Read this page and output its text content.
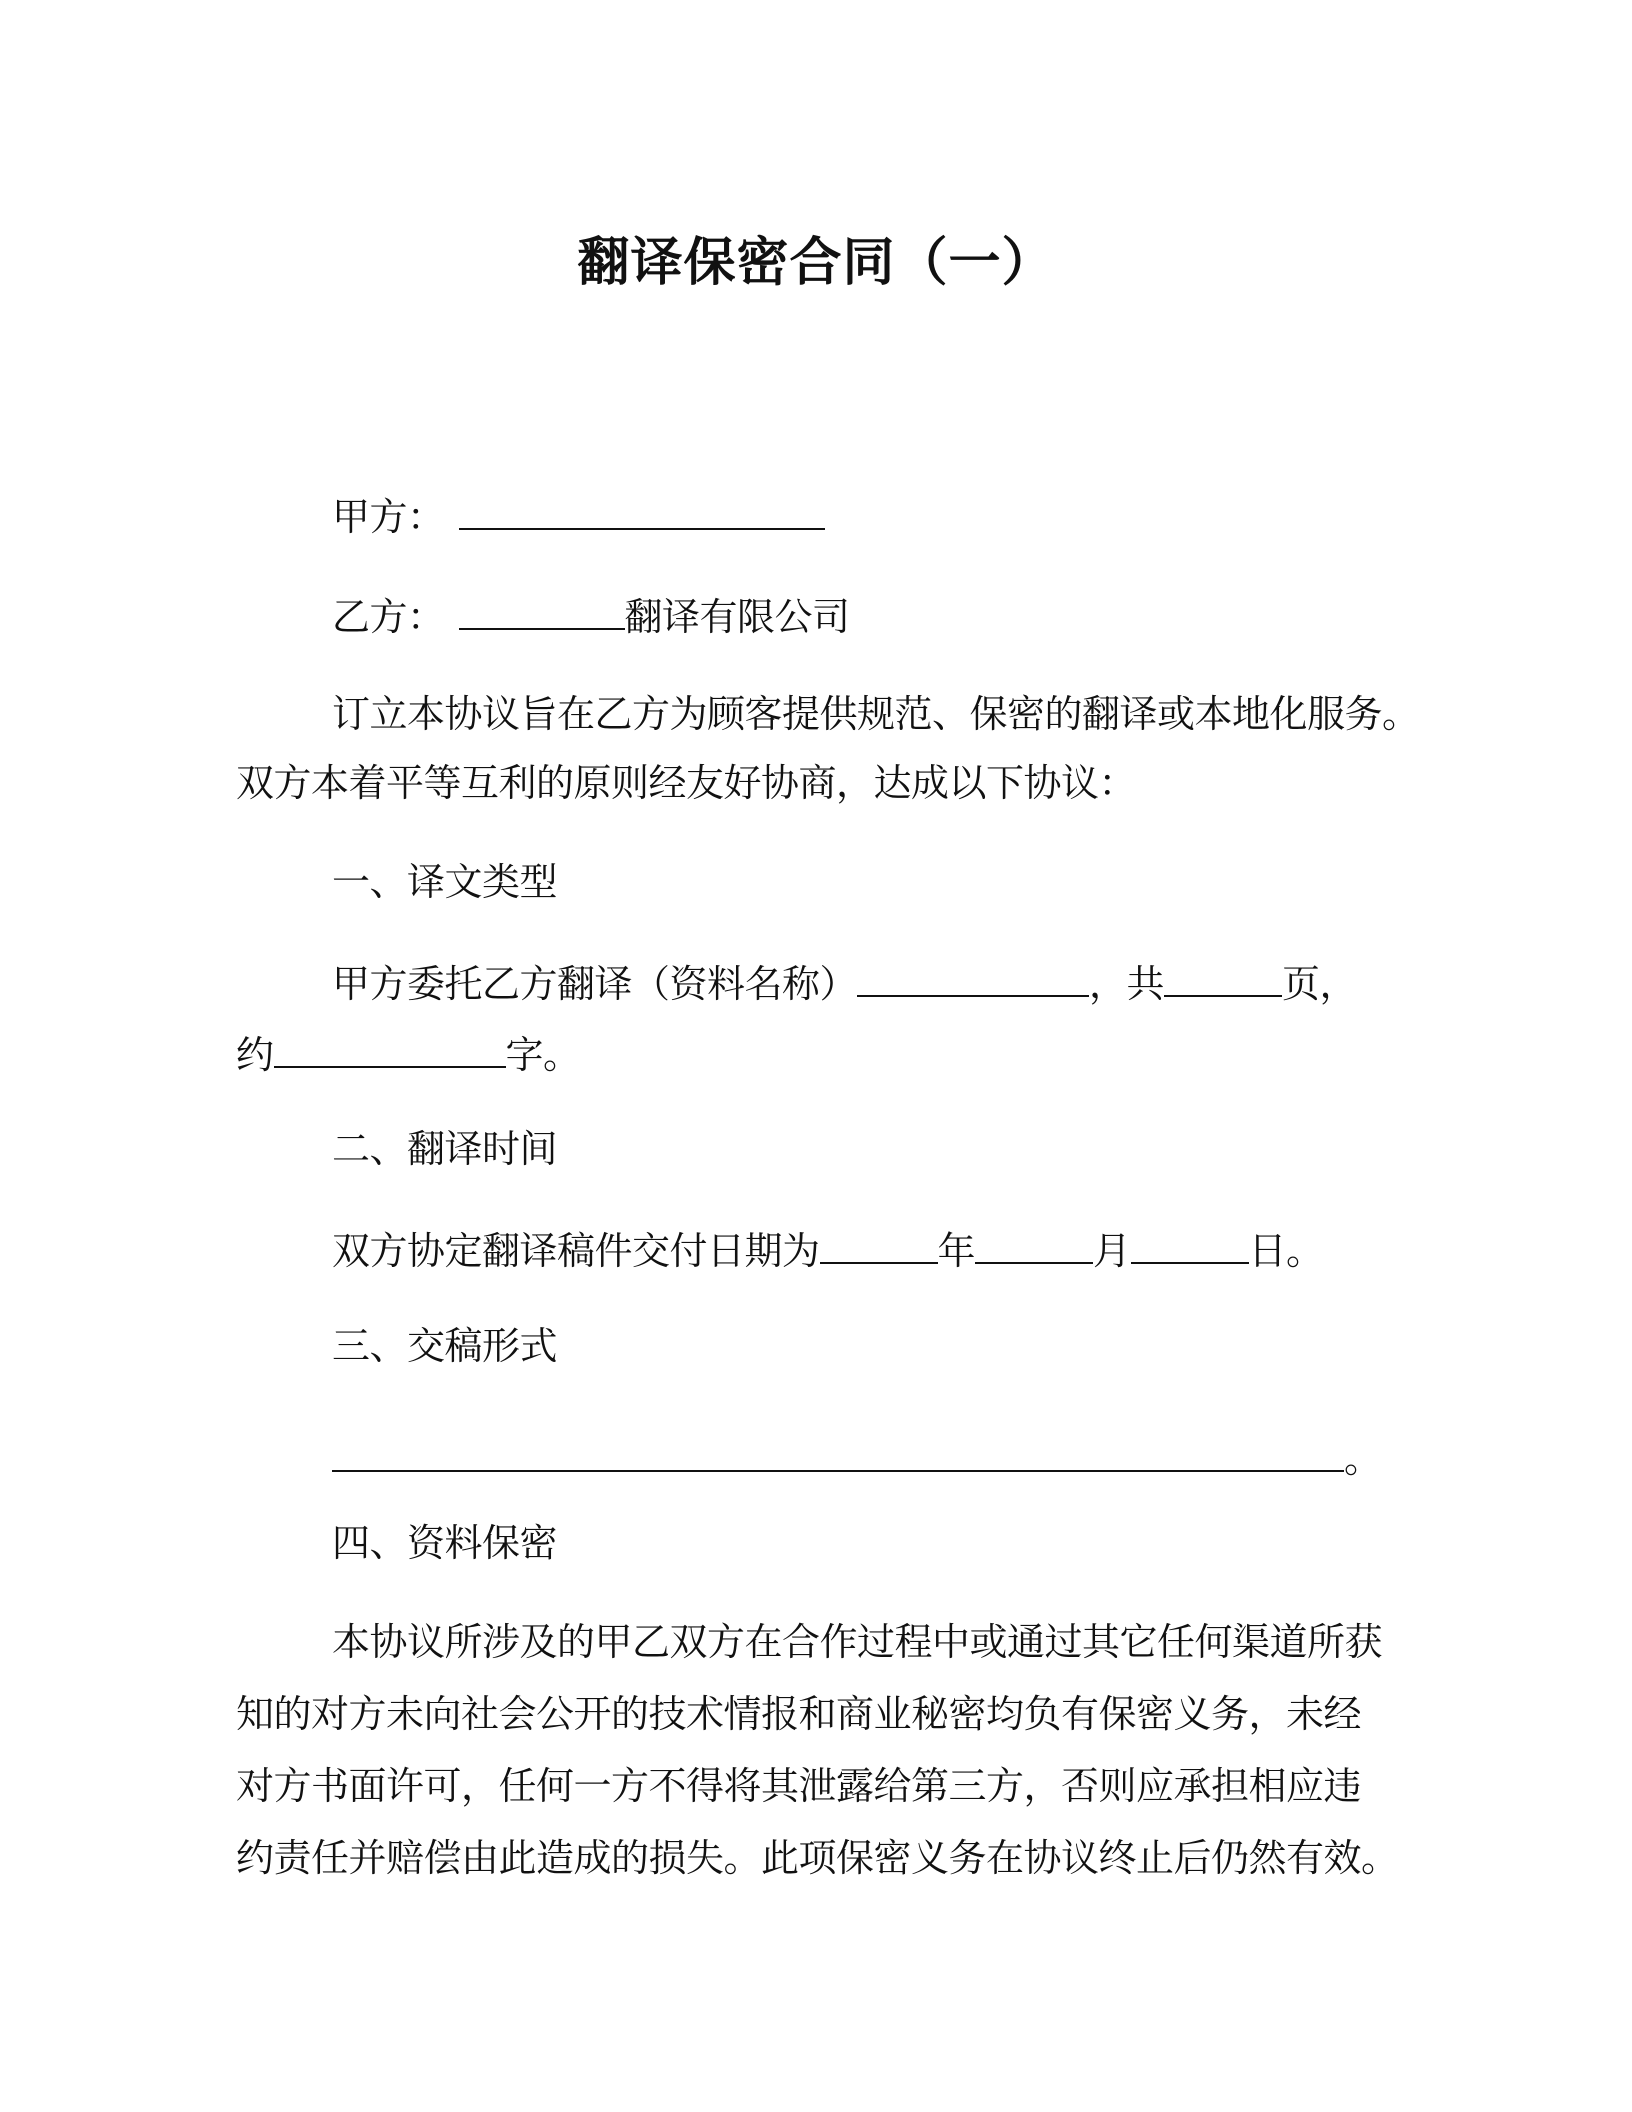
翻译保密合同（一）

甲方：

乙方：	翻译有限公司

订立本协议旨在乙方为顾客提供规范、保密的翻译或本地化服务。

双方本着平等互利的原则经友好协商，达成以下协议：

一、译文类型

甲方委托乙方翻译（资料名称）	，共	页，

约	字。

二、翻译时间

双方协定翻译稿件交付日期为	年	月	日。

三、交稿形式

。

四、资料保密

本协议所涉及的甲乙双方在合作过程中或通过其它任何渠道所获

知的对方未向社会公开的技术情报和商业秘密均负有保密义务，未经

对方书面许可，任何一方不得将其泄露给第三方，否则应承担相应违

约责任并赔偿由此造成的损失。此项保密义务在协议终止后仍然有效。
